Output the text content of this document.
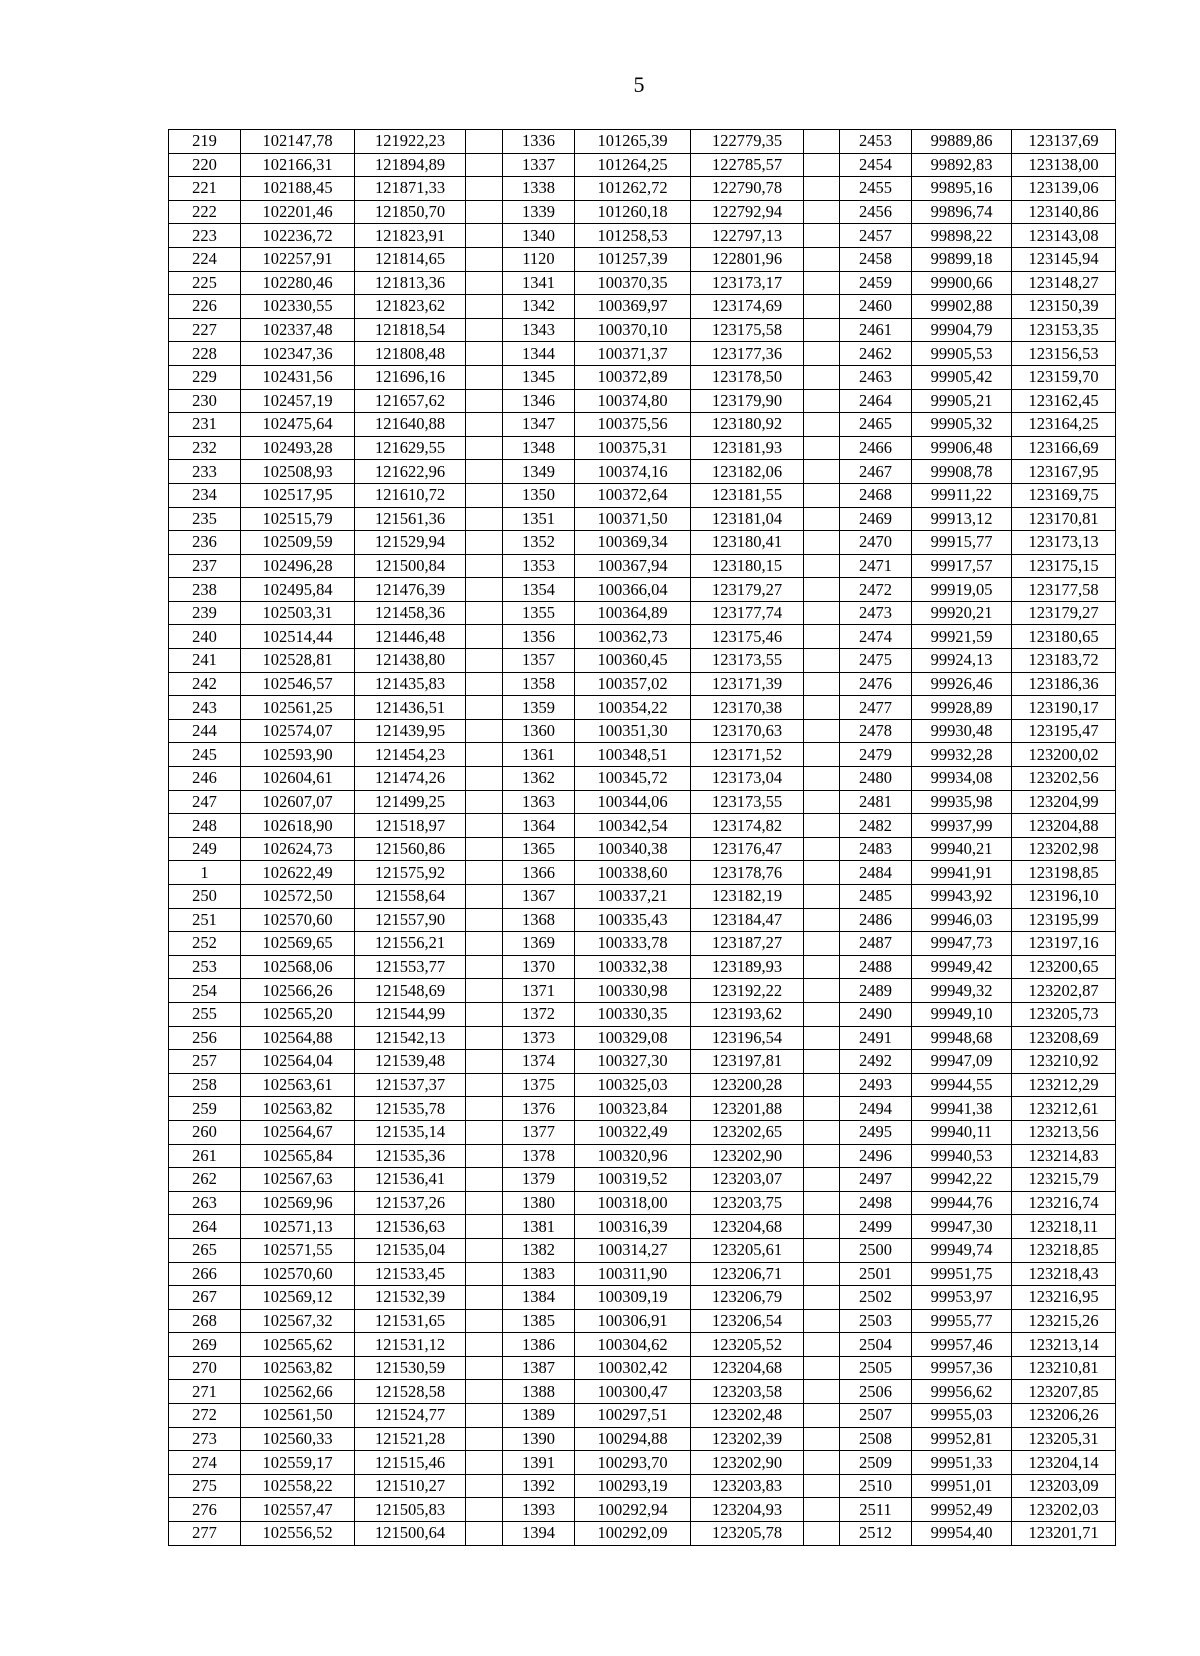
5
219	102147,78	121922,23		1336	101265,39	122779,35		2453	99889,86	123137,69
220	102166,31	121894,89		1337	101264,25	122785,57		2454	99892,83	123138,00
221	102188,45	121871,33		1338	101262,72	122790,78		2455	99895,16	123139,06
222	102201,46	121850,70		1339	101260,18	122792,94		2456	99896,74	123140,86
223	102236,72	121823,91		1340	101258,53	122797,13		2457	99898,22	123143,08
224	102257,91	121814,65		1120	101257,39	122801,96		2458	99899,18	123145,94
225	102280,46	121813,36		1341	100370,35	123173,17		2459	99900,66	123148,27
226	102330,55	121823,62		1342	100369,97	123174,69		2460	99902,88	123150,39
227	102337,48	121818,54		1343	100370,10	123175,58		2461	99904,79	123153,35
228	102347,36	121808,48		1344	100371,37	123177,36		2462	99905,53	123156,53
229	102431,56	121696,16		1345	100372,89	123178,50		2463	99905,42	123159,70
230	102457,19	121657,62		1346	100374,80	123179,90		2464	99905,21	123162,45
231	102475,64	121640,88		1347	100375,56	123180,92		2465	99905,32	123164,25
232	102493,28	121629,55		1348	100375,31	123181,93		2466	99906,48	123166,69
233	102508,93	121622,96		1349	100374,16	123182,06		2467	99908,78	123167,95
234	102517,95	121610,72		1350	100372,64	123181,55		2468	99911,22	123169,75
235	102515,79	121561,36		1351	100371,50	123181,04		2469	99913,12	123170,81
236	102509,59	121529,94		1352	100369,34	123180,41		2470	99915,77	123173,13
237	102496,28	121500,84		1353	100367,94	123180,15		2471	99917,57	123175,15
238	102495,84	121476,39		1354	100366,04	123179,27		2472	99919,05	123177,58
239	102503,31	121458,36		1355	100364,89	123177,74		2473	99920,21	123179,27
240	102514,44	121446,48		1356	100362,73	123175,46		2474	99921,59	123180,65
241	102528,81	121438,80		1357	100360,45	123173,55		2475	99924,13	123183,72
242	102546,57	121435,83		1358	100357,02	123171,39		2476	99926,46	123186,36
243	102561,25	121436,51		1359	100354,22	123170,38		2477	99928,89	123190,17
244	102574,07	121439,95		1360	100351,30	123170,63		2478	99930,48	123195,47
245	102593,90	121454,23		1361	100348,51	123171,52		2479	99932,28	123200,02
246	102604,61	121474,26		1362	100345,72	123173,04		2480	99934,08	123202,56
247	102607,07	121499,25		1363	100344,06	123173,55		2481	99935,98	123204,99
248	102618,90	121518,97		1364	100342,54	123174,82		2482	99937,99	123204,88
249	102624,73	121560,86		1365	100340,38	123176,47		2483	99940,21	123202,98
1	102622,49	121575,92		1366	100338,60	123178,76		2484	99941,91	123198,85
250	102572,50	121558,64		1367	100337,21	123182,19		2485	99943,92	123196,10
251	102570,60	121557,90		1368	100335,43	123184,47		2486	99946,03	123195,99
252	102569,65	121556,21		1369	100333,78	123187,27		2487	99947,73	123197,16
253	102568,06	121553,77		1370	100332,38	123189,93		2488	99949,42	123200,65
254	102566,26	121548,69		1371	100330,98	123192,22		2489	99949,32	123202,87
255	102565,20	121544,99		1372	100330,35	123193,62		2490	99949,10	123205,73
256	102564,88	121542,13		1373	100329,08	123196,54		2491	99948,68	123208,69
257	102564,04	121539,48		1374	100327,30	123197,81		2492	99947,09	123210,92
258	102563,61	121537,37		1375	100325,03	123200,28		2493	99944,55	123212,29
259	102563,82	121535,78		1376	100323,84	123201,88		2494	99941,38	123212,61
260	102564,67	121535,14		1377	100322,49	123202,65		2495	99940,11	123213,56
261	102565,84	121535,36		1378	100320,96	123202,90		2496	99940,53	123214,83
262	102567,63	121536,41		1379	100319,52	123203,07		2497	99942,22	123215,79
263	102569,96	121537,26		1380	100318,00	123203,75		2498	99944,76	123216,74
264	102571,13	121536,63		1381	100316,39	123204,68		2499	99947,30	123218,11
265	102571,55	121535,04		1382	100314,27	123205,61		2500	99949,74	123218,85
266	102570,60	121533,45		1383	100311,90	123206,71		2501	99951,75	123218,43
267	102569,12	121532,39		1384	100309,19	123206,79		2502	99953,97	123216,95
268	102567,32	121531,65		1385	100306,91	123206,54		2503	99955,77	123215,26
269	102565,62	121531,12		1386	100304,62	123205,52		2504	99957,46	123213,14
270	102563,82	121530,59		1387	100302,42	123204,68		2505	99957,36	123210,81
271	102562,66	121528,58		1388	100300,47	123203,58		2506	99956,62	123207,85
272	102561,50	121524,77		1389	100297,51	123202,48		2507	99955,03	123206,26
273	102560,33	121521,28		1390	100294,88	123202,39		2508	99952,81	123205,31
274	102559,17	121515,46		1391	100293,70	123202,90		2509	99951,33	123204,14
275	102558,22	121510,27		1392	100293,19	123203,83		2510	99951,01	123203,09
276	102557,47	121505,83		1393	100292,94	123204,93		2511	99952,49	123202,03
277	102556,52	121500,64		1394	100292,09	123205,78		2512	99954,40	123201,71
